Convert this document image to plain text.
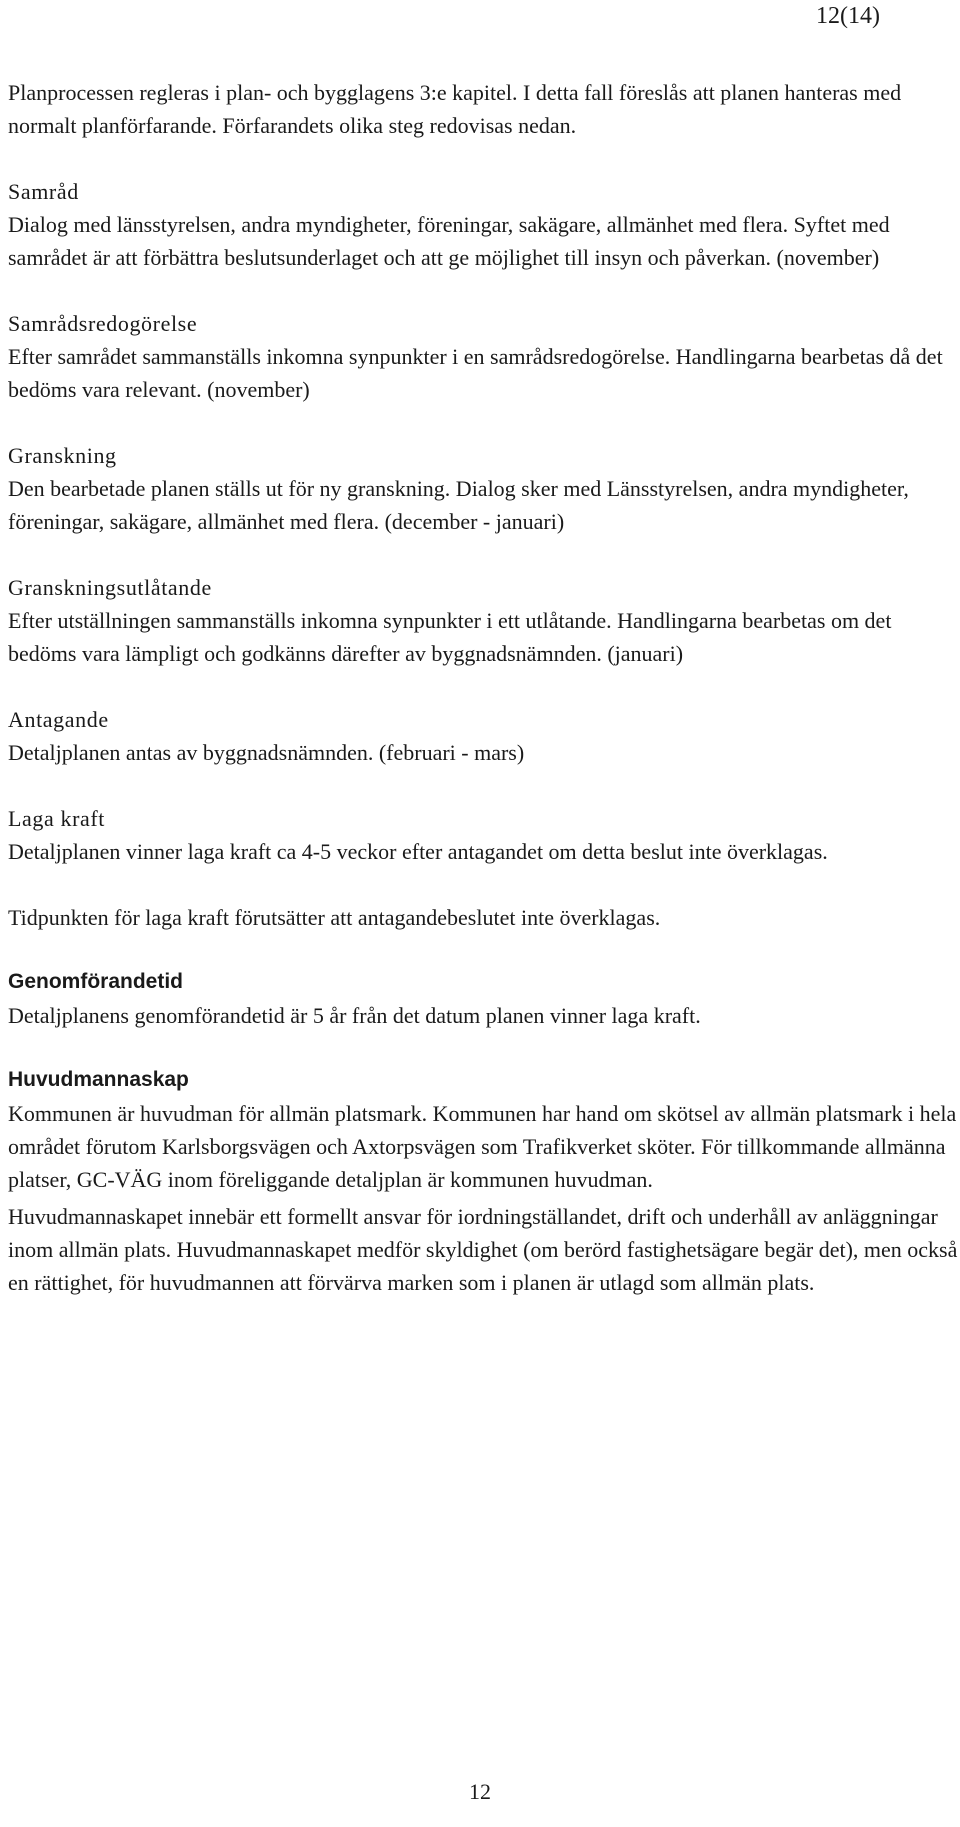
12(14)

Planprocessen regleras i plan- och bygglagens 3:e kapitel. I detta fall föreslås att planen hanteras med normalt planförfarande. Förfarandets olika steg redovisas nedan.

Samråd

Dialog med länsstyrelsen, andra myndigheter, föreningar, sakägare, allmänhet med flera. Syftet med samrådet är att förbättra beslutsunderlaget och att ge möjlighet till insyn och påverkan. (november)

Samrådsredogörelse

Efter samrådet sammanställs inkomna synpunkter i en samrådsredogörelse. Handlingarna bearbetas då det bedöms vara relevant. (november)

Granskning

Den bearbetade planen ställs ut för ny granskning. Dialog sker med Länsstyrelsen, andra myndigheter, föreningar, sakägare, allmänhet med flera. (december - januari)

Granskningsutlåtande

Efter utställningen sammanställs inkomna synpunkter i ett utlåtande. Handlingarna bearbetas om det bedöms vara lämpligt och godkänns därefter av byggnadsnämnden. (januari)

Antagande

Detaljplanen antas av byggnadsnämnden. (februari - mars)

Laga kraft

Detaljplanen vinner laga kraft ca 4-5 veckor efter antagandet om detta beslut inte överklagas.

Tidpunkten för laga kraft förutsätter att antagandebeslutet inte överklagas.

Genomförandetid

Detaljplanens genomförandetid är 5 år från det datum planen vinner laga kraft.

Huvudmannaskap

Kommunen är huvudman för allmän platsmark. Kommunen har hand om skötsel av allmän platsmark i hela området förutom Karlsborgsvägen och Axtorpsvägen som Trafikverket sköter. För tillkommande allmänna platser, GC-VÄG inom föreliggande detaljplan är kommunen huvudman.

Huvudmannaskapet innebär ett formellt ansvar för iordningställandet, drift och underhåll av anläggningar inom allmän plats. Huvudmannaskapet medför skyldighet (om berörd fastighetsägare begär det), men också en rättighet, för huvudmannen att förvärva marken som i planen är utlagd som allmän plats.

12
